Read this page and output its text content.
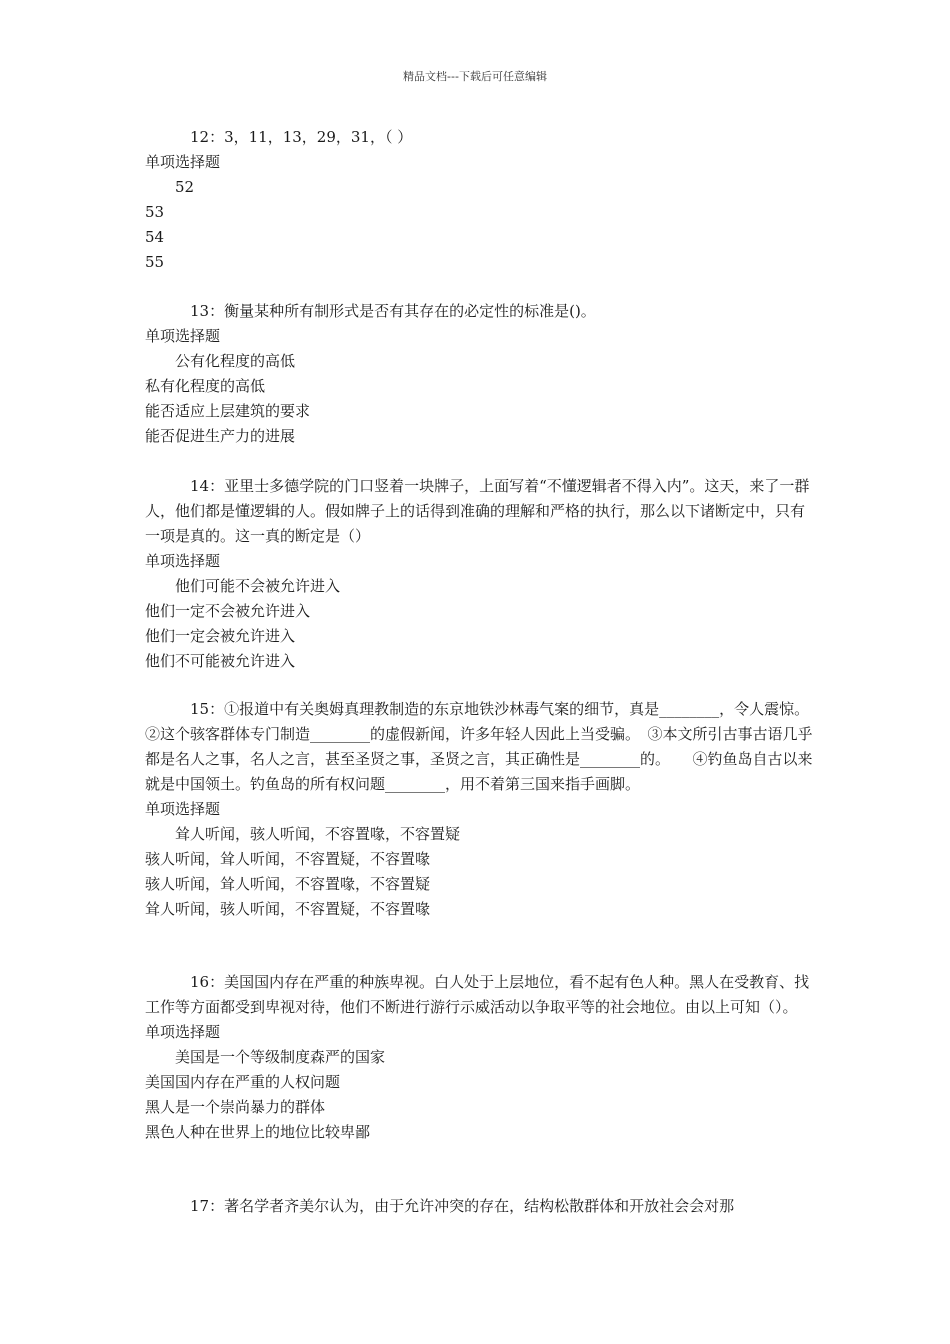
精品文档---下载后可任意编辑

12：3，11，13，29，31，（ ）

单项选择题

52

53

54

55

13：衡量某种所有制形式是否有其存在的必定性的标准是()。

单项选择题

公有化程度的高低

私有化程度的高低

能否适应上层建筑的要求

能否促进生产力的进展

14：亚里士多德学院的门口竖着一块牌子，上面写着“不懂逻辑者不得入内”。这天，来了一群人，他们都是懂逻辑的人。假如牌子上的话得到准确的理解和严格的执行，那么以下诸断定中，只有一项是真的。这一真的断定是（）

单项选择题

他们可能不会被允许进入

他们一定不会被允许进入

他们一定会被允许进入

他们不可能被允许进入

15：①报道中有关奥姆真理教制造的东京地铁沙林毒气案的细节，真是________，令人震惊。　　②这个骇客群体专门制造________的虚假新闻，许多年轻人因此上当受骗。　③本文所引古事古语几乎都是名人之事，名人之言，甚至圣贤之事，圣贤之言，其正确性是________的。　　④钓鱼岛自古以来就是中国领土。钓鱼岛的所有权问题________，用不着第三国来指手画脚。

单项选择题

耸人听闻，骇人听闻，不容置喙，不容置疑

骇人听闻，耸人听闻，不容置疑，不容置喙

骇人听闻，耸人听闻，不容置喙，不容置疑

耸人听闻，骇人听闻，不容置疑，不容置喙

16：美国国内存在严重的种族卑视。白人处于上层地位，看不起有色人种。黑人在受教育、找工作等方面都受到卑视对待，他们不断进行游行示威活动以争取平等的社会地位。由以上可知（）。

单项选择题

美国是一个等级制度森严的国家

美国国内存在严重的人权问题

黑人是一个崇尚暴力的群体

黑色人种在世界上的地位比较卑鄙

17：著名学者齐美尔认为，由于允许冲突的存在，结构松散群体和开放社会会对那
